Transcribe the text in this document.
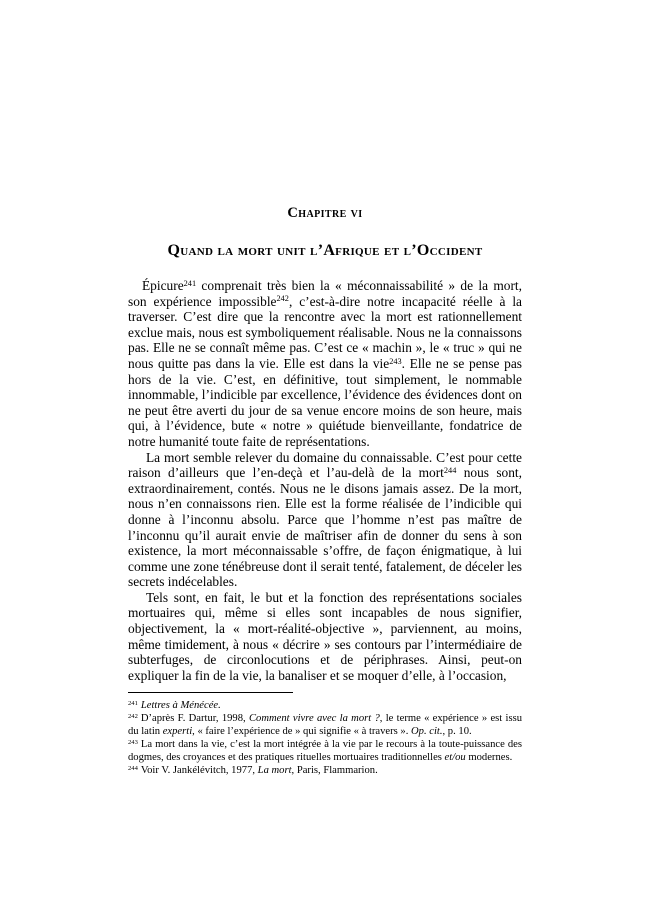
Chapitre vi
Quand la mort unit l’Afrique et l’Occident

Épicure$^{241}$ comprenait très bien la « méconnaissabilité » de la mort, son expérience impossible$^{242}$, c’est-à-dire notre incapacité réelle à la traverser. C’est dire que la rencontre avec la mort est rationnellement exclue mais, nous est symboliquement réalisable. Nous ne la connaissons pas. Elle ne se connaît même pas. C’est ce « machin », le « truc » qui ne nous quitte pas dans la vie. Elle est dans la vie$^{243}$. Elle ne se pense pas hors de la vie. C’est, en définitive, tout simplement, le nommable innommable, l’indicible par excellence, l’évidence des évidences dont on ne peut être averti du jour de sa venue encore moins de son heure, mais qui, à l’évidence, bute « notre » quiétude bienveillante, fondatrice de notre humanité toute faite de représentations.

La mort semble relever du domaine du connaissable. C’est pour cette raison d’ailleurs que l’en-deçà et l’au-delà de la mort$^{244}$ nous sont, extraordinairement, contés. Nous ne le disons jamais assez. De la mort, nous n’en connaissons rien. Elle est la forme réalisée de l’indicible qui donne à l’inconnu absolu. Parce que l’homme n’est pas maître de l’inconnu qu’il aurait envie de maîtriser afin de donner du sens à son existence, la mort méconnaissable s’offre, de façon énigmatique, à lui comme une zone ténébreuse dont il serait tenté, fatalement, de déceler les secrets indécelables.

Tels sont, en fait, le but et la fonction des représentations sociales mortuaires qui, même si elles sont incapables de nous signifier, objectivement, la « mort-réalité-objective », parviennent, au moins, même timidement, à nous « décrire » ses contours par l’intermédiaire de subterfuges, de circonlocutions et de périphrases. Ainsi, peut-on expliquer la fin de la vie, la banaliser et se moquer d’elle, à l’occasion,

$^{241}$ Lettres à Ménécée.
$^{242}$ D’après F. Dartur, 1998, Comment vivre avec la mort ?, le terme « expérience » est issu du latin experti, « faire l’expérience de » qui signifie « à travers ». Op. cit., p. 10.
$^{243}$ La mort dans la vie, c’est la mort intégrée à la vie par le recours à la toute-puissance des dogmes, des croyances et des pratiques rituelles mortuaires traditionnelles et/ou modernes.
$^{244}$ Voir V. Jankélévitch, 1977, La mort, Paris, Flammarion.
